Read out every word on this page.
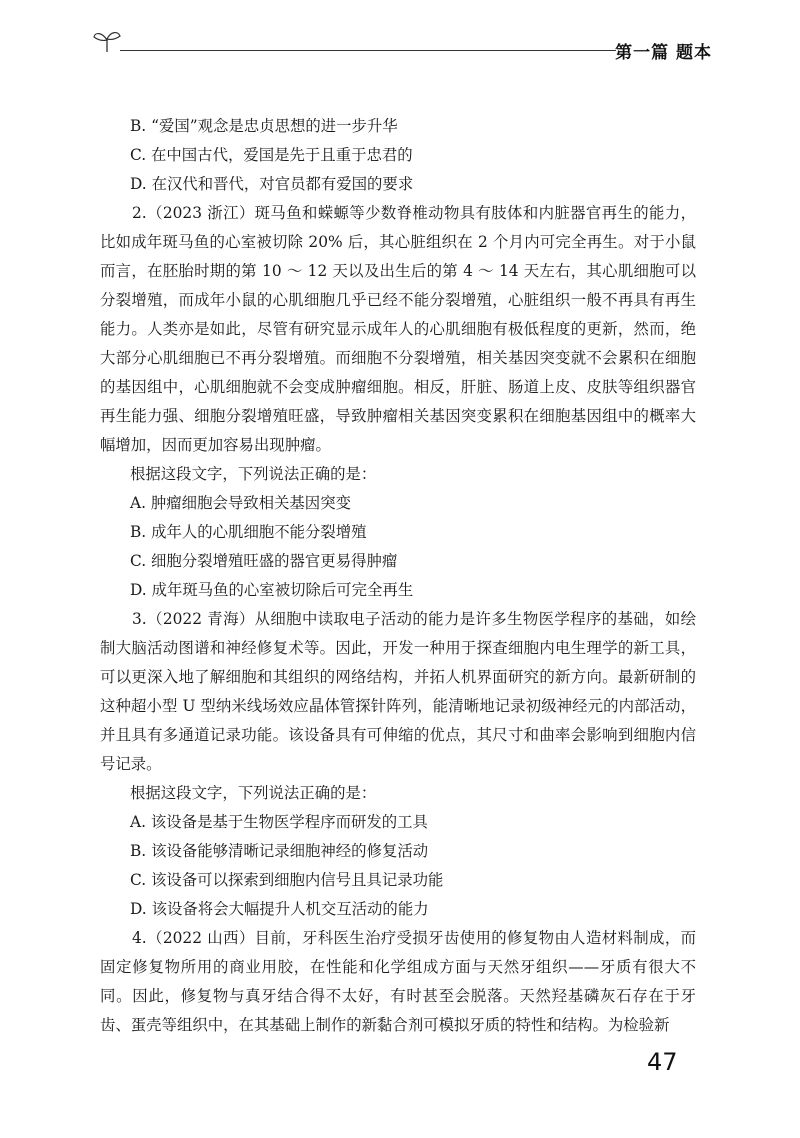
第一篇 题本

B. “爱国”观念是忠贞思想的进一步升华

C. 在中国古代，爱国是先于且重于忠君的

D. 在汉代和晋代，对官员都有爱国的要求

2.（2023 浙江）斑马鱼和蝾螈等少数脊椎动物具有肢体和内脏器官再生的能力，比如成年斑马鱼的心室被切除 20% 后，其心脏组织在 2 个月内可完全再生。对于小鼠而言，在胚胎时期的第 10 ～ 12 天以及出生后的第 4 ～ 14 天左右，其心肌细胞可以分裂增殖，而成年小鼠的心肌细胞几乎已经不能分裂增殖，心脏组织一般不再具有再生能力。人类亦是如此，尽管有研究显示成年人的心肌细胞有极低程度的更新，然而，绝大部分心肌细胞已不再分裂增殖。而细胞不分裂增殖，相关基因突变就不会累积在细胞的基因组中，心肌细胞就不会变成肿瘤细胞。相反，肝脏、肠道上皮、皮肤等组织器官再生能力强、细胞分裂增殖旺盛，导致肿瘤相关基因突变累积在细胞基因组中的概率大幅增加，因而更加容易出现肿瘤。

根据这段文字，下列说法正确的是：

A. 肿瘤细胞会导致相关基因突变

B. 成年人的心肌细胞不能分裂增殖

C. 细胞分裂增殖旺盛的器官更易得肿瘤

D. 成年斑马鱼的心室被切除后可完全再生

3.（2022 青海）从细胞中读取电子活动的能力是许多生物医学程序的基础，如绘制大脑活动图谱和神经修复术等。因此，开发一种用于探查细胞内电生理学的新工具，可以更深入地了解细胞和其组织的网络结构，并拓人机界面研究的新方向。最新研制的这种超小型 U 型纳米线场效应晶体管探针阵列，能清晰地记录初级神经元的内部活动，并且具有多通道记录功能。该设备具有可伸缩的优点，其尺寸和曲率会影响到细胞内信号记录。

根据这段文字，下列说法正确的是：

A. 该设备是基于生物医学程序而研发的工具

B. 该设备能够清晰记录细胞神经的修复活动

C. 该设备可以探索到细胞内信号且具记录功能

D. 该设备将会大幅提升人机交互活动的能力

4.（2022 山西）目前，牙科医生治疗受损牙齿使用的修复物由人造材料制成，而固定修复物所用的商业用胶，在性能和化学组成方面与天然牙组织——牙质有很大不同。因此，修复物与真牙结合得不太好，有时甚至会脱落。天然羟基磷灰石存在于牙齿、蛋壳等组织中，在其基础上制作的新黏合剂可模拟牙质的特性和结构。为检验新

47
